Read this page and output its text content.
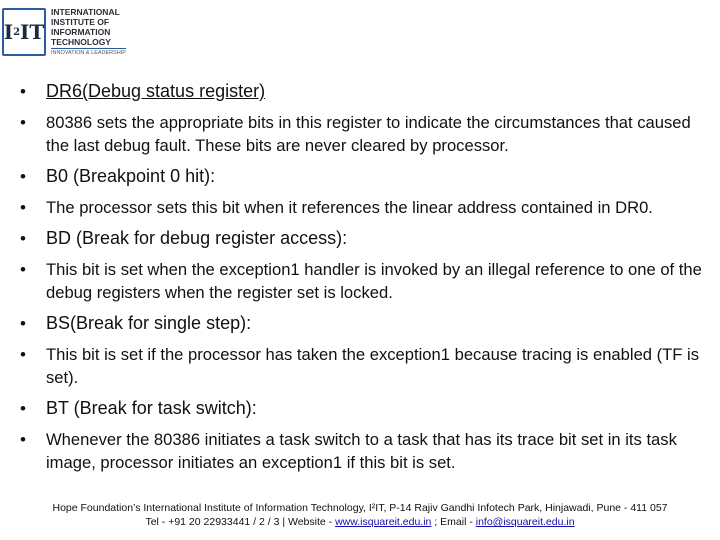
I 2 IT
INTERNATIONAL
INSTITUTE OF
INFORMATION
TECHNOLOGY
INNOVATION & LEADERSHIP
•	DR6(Debug status register)
•	80386 sets the appropriate bits in this register to indicate the circumstances that caused the last debug fault. These bits are never cleared by processor.
•	B0 (Breakpoint 0 hit):
•	The processor sets this bit when it references the linear address contained in DR0.
•	BD (Break for debug register access):
•	This bit is set when the exception1 handler is invoked by an illegal reference to one of the debug registers when the register set is locked.
•	BS(Break for single step):
•	This bit is set if the processor has taken the exception1 because tracing is enabled (TF is set).
•	BT (Break for task switch):
•	Whenever the 80386 initiates a task switch to a task that has its trace bit set in its task image, processor initiates an exception1 if this bit is set.
Hope Foundation’s International Institute of Information Technology, I²IT, P-14 Rajiv Gandhi Infotech Park, Hinjawadi, Pune - 411 057
Tel - +91 20 22933441 / 2 / 3 | Website - www.isquareit.edu.in ; Email - info@isquareit.edu.in
